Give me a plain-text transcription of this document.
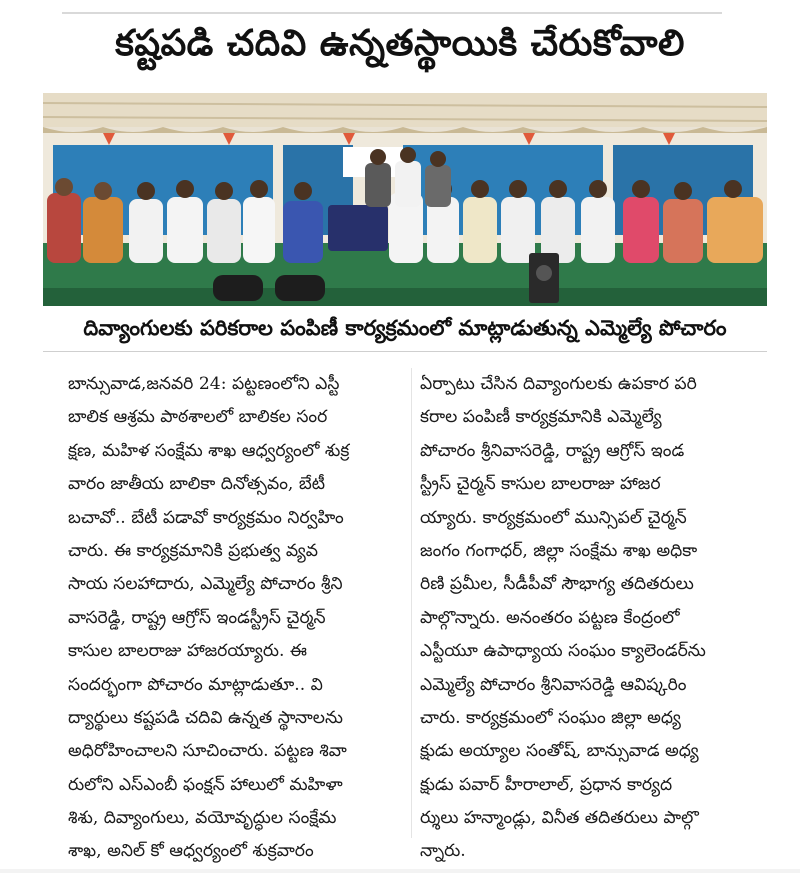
కష్టపడి చదివి ఉన్నతస్థాయికి చేరుకోవాలి
దివ్యాంగులకు పరికరాల పంపిణీ కార్యక్రమంలో మాట్లాడుతున్న ఎమ్మెల్యే పోచారం
బాన్సువాడ,జనవరి 24: పట్టణంలోని ఎస్టీ
బాలిక ఆశ్రమ పాఠశాలలో బాలికల సంర
క్షణ, మహిళ సంక్షేమ శాఖ ఆధ్వర్యంలో శుక్ర
వారం జాతీయ బాలికా దినోత్సవం, బేటీ
బచావో.. బేటీ పడావో కార్యక్రమం నిర్వహిం
చారు. ఈ కార్యక్రమానికి ప్రభుత్వ వ్యవ
సాయ సలహాదారు, ఎమ్మెల్యే పోచారం శ్రీని
వాసరెడ్డి, రాష్ట్ర ఆగ్రోస్ ఇండస్ట్రీస్ చైర్మన్
కాసుల బాలరాజు హాజరయ్యారు. ఈ
సందర్భంగా పోచారం మాట్లాడుతూ.. వి
ద్యార్థులు కష్టపడి చదివి ఉన్నత స్థానాలను
అధిరోహించాలని సూచించారు. పట్టణ శివా
రులోని ఎస్ఎంబీ ఫంక్షన్ హాలులో మహిళా
శిశు, దివ్యాంగులు, వయోవృద్ధుల సంక్షేమ
శాఖ, అనిల్ కో ఆధ్వర్యంలో శుక్రవారం
ఏర్పాటు చేసిన దివ్యాంగులకు ఉపకార పరి
కరాల పంపిణీ కార్యక్రమానికి ఎమ్మెల్యే
పోచారం శ్రీనివాసరెడ్డి, రాష్ట్ర ఆగ్రోస్ ఇండ
స్ట్రీస్ చైర్మన్ కాసుల బాలరాజు హాజర
య్యారు. కార్యక్రమంలో మున్సిపల్ చైర్మన్
జంగం గంగాధర్, జిల్లా సంక్షేమ శాఖ అధికా
రిణి ప్రమీల, సీడీపీవో సౌభాగ్య తదితరులు
పాల్గొన్నారు. అనంతరం పట్టణ కేంద్రంలో
ఎస్టీయూ ఉపాధ్యాయ సంఘం క్యాలెండర్‌ను
ఎమ్మెల్యే పోచారం శ్రీనివాసరెడ్డి ఆవిష్కరిం
చారు. కార్యక్రమంలో సంఘం జిల్లా అధ్య
క్షుడు అయ్యాల సంతోష్, బాన్సువాడ అధ్య
క్షుడు పవార్ హీరాలాల్, ప్రధాన కార్యద
ర్శులు హన్మాండ్లు, వినీత తదితరులు పాల్గొ
న్నారు.
